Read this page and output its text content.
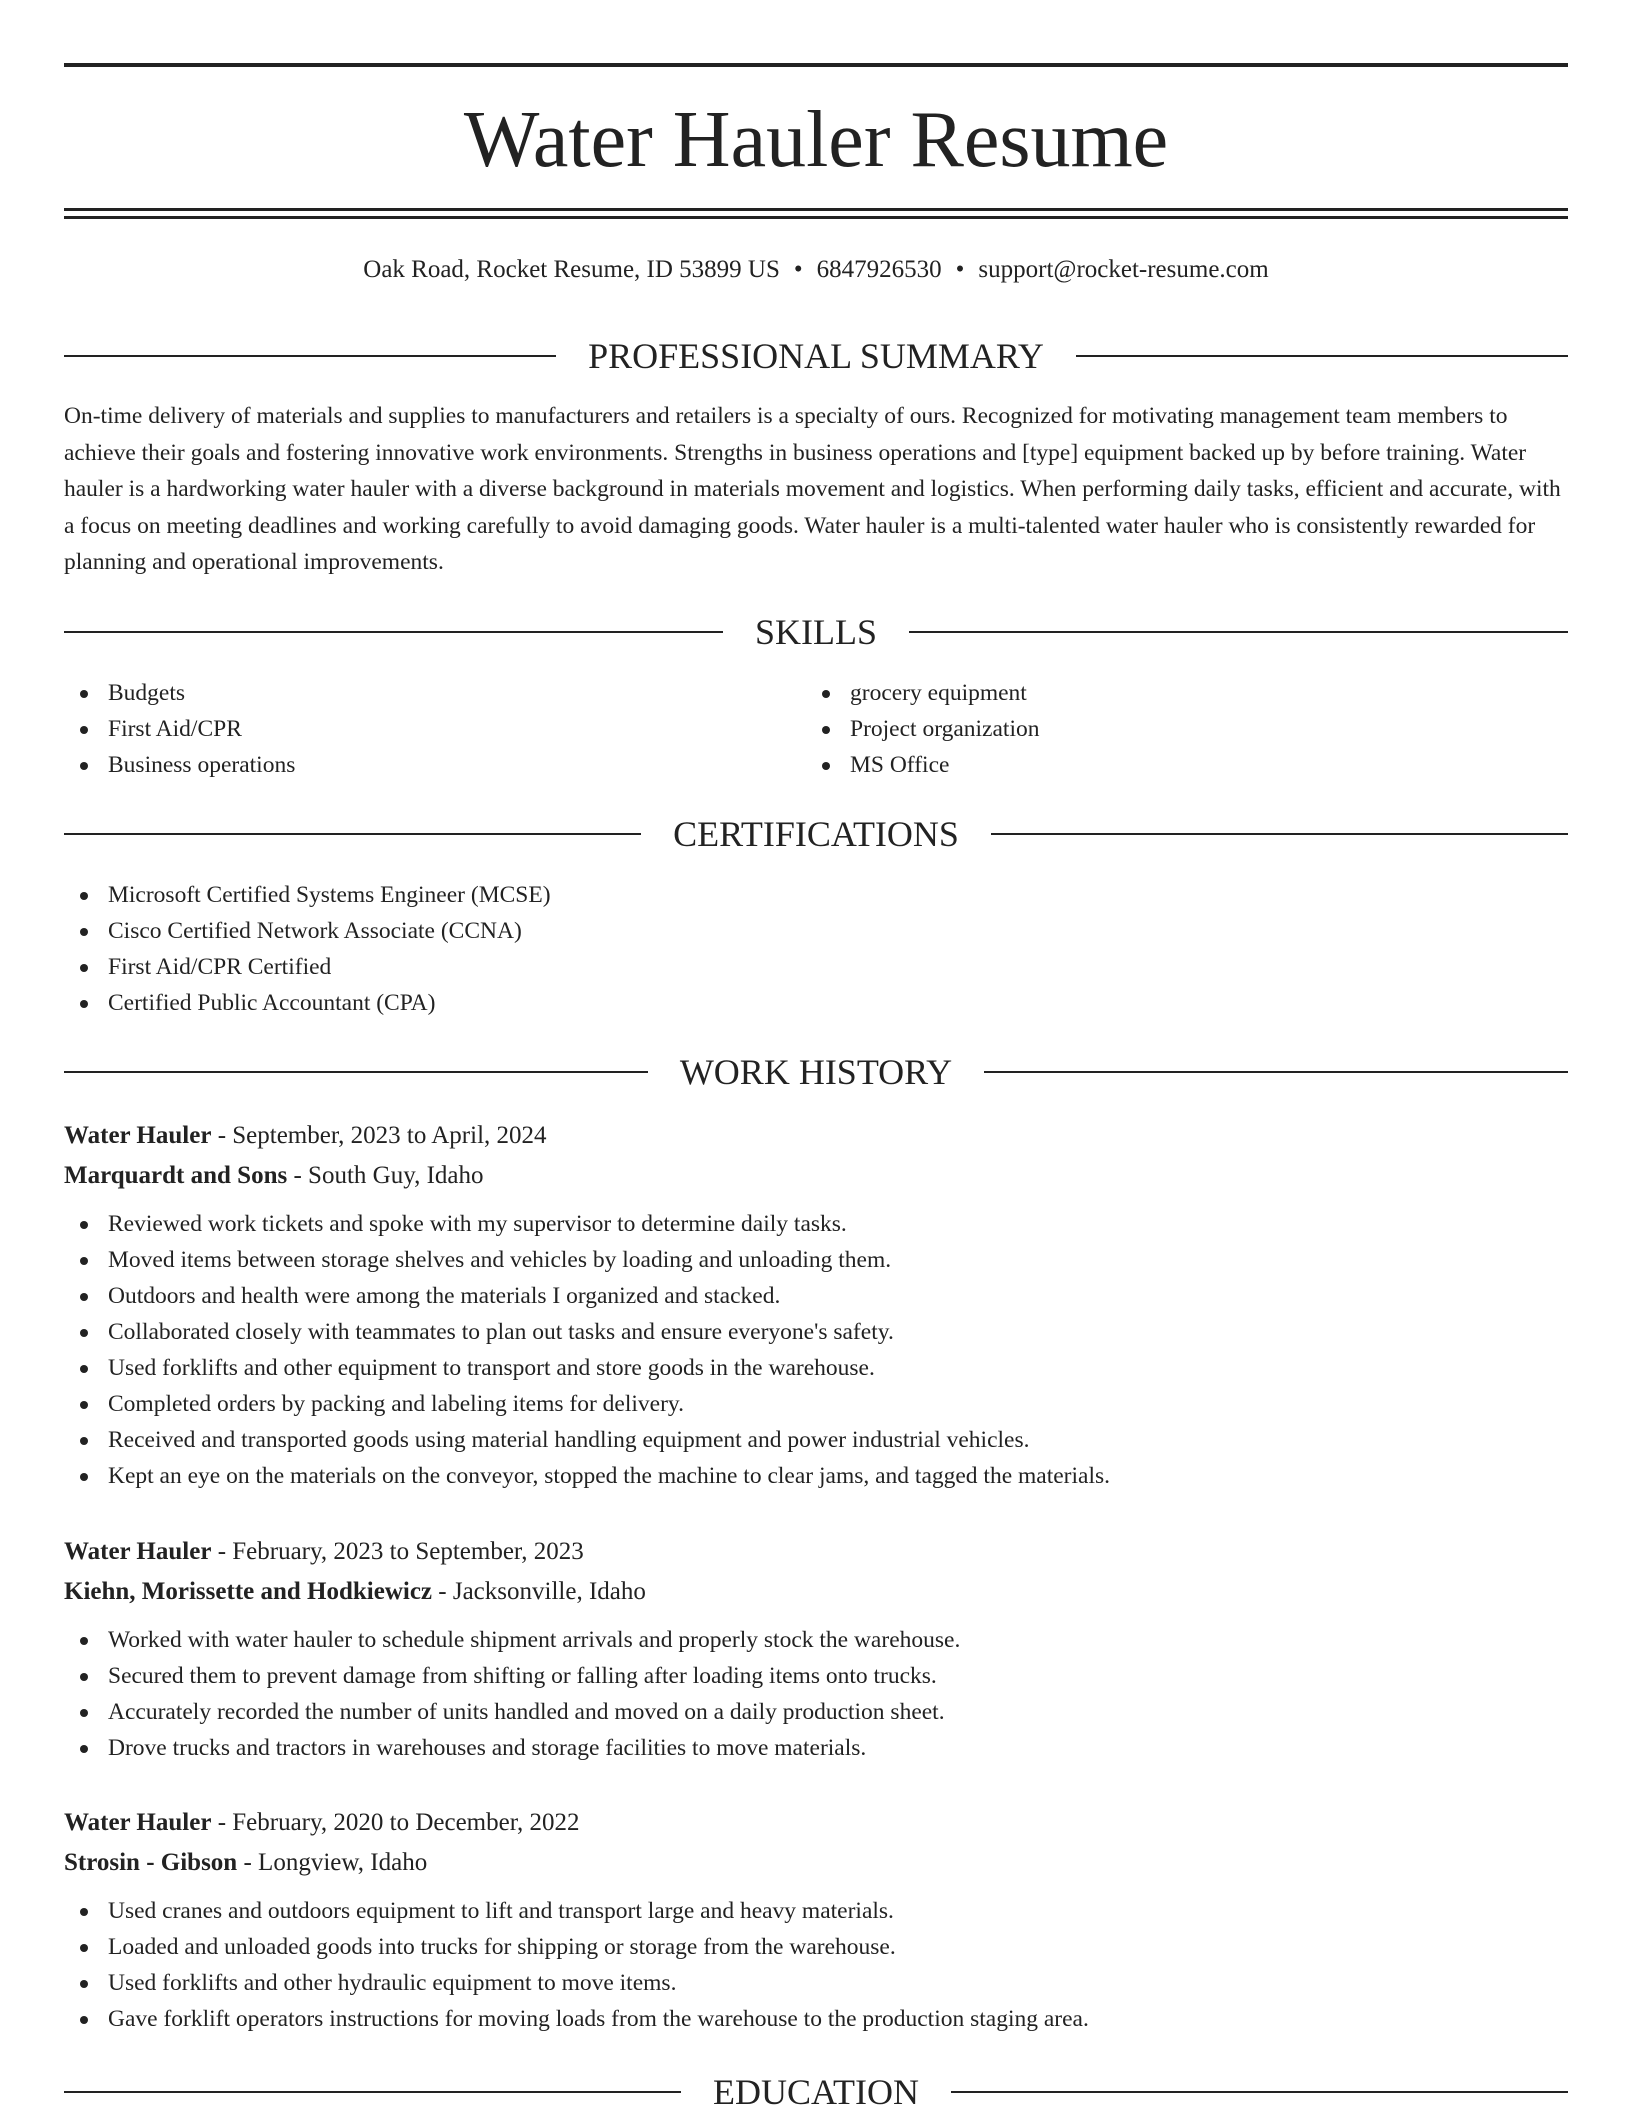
Water Hauler Resume
Oak Road, Rocket Resume, ID 53899 US • 6847926530 • support@rocket-resume.com
PROFESSIONAL SUMMARY

On-time delivery of materials and supplies to manufacturers and retailers is a specialty of ours. Recognized for motivating management team members to achieve their goals and fostering innovative work environments. Strengths in business operations and [type] equipment backed up by before training. Water hauler is a hardworking water hauler with a diverse background in materials movement and logistics. When performing daily tasks, efficient and accurate, with a focus on meeting deadlines and working carefully to avoid damaging goods. Water hauler is a multi-talented water hauler who is consistently rewarded for planning and operational improvements.

SKILLS
Budgets
First Aid/CPR
Business operations
grocery equipment
Project organization
MS Office
CERTIFICATIONS
Microsoft Certified Systems Engineer (MCSE)
Cisco Certified Network Associate (CCNA)
First Aid/CPR Certified
Certified Public Accountant (CPA)
WORK HISTORY
Water Hauler - September, 2023 to April, 2024
Marquardt and Sons - South Guy, Idaho
Reviewed work tickets and spoke with my supervisor to determine daily tasks.
Moved items between storage shelves and vehicles by loading and unloading them.
Outdoors and health were among the materials I organized and stacked.
Collaborated closely with teammates to plan out tasks and ensure everyone's safety.
Used forklifts and other equipment to transport and store goods in the warehouse.
Completed orders by packing and labeling items for delivery.
Received and transported goods using material handling equipment and power industrial vehicles.
Kept an eye on the materials on the conveyor, stopped the machine to clear jams, and tagged the materials.
Water Hauler - February, 2023 to September, 2023
Kiehn, Morissette and Hodkiewicz - Jacksonville, Idaho
Worked with water hauler to schedule shipment arrivals and properly stock the warehouse.
Secured them to prevent damage from shifting or falling after loading items onto trucks.
Accurately recorded the number of units handled and moved on a daily production sheet.
Drove trucks and tractors in warehouses and storage facilities to move materials.
Water Hauler - February, 2020 to December, 2022
Strosin - Gibson - Longview, Idaho
Used cranes and outdoors equipment to lift and transport large and heavy materials.
Loaded and unloaded goods into trucks for shipping or storage from the warehouse.
Used forklifts and other hydraulic equipment to move items.
Gave forklift operators instructions for moving loads from the warehouse to the production staging area.
EDUCATION
